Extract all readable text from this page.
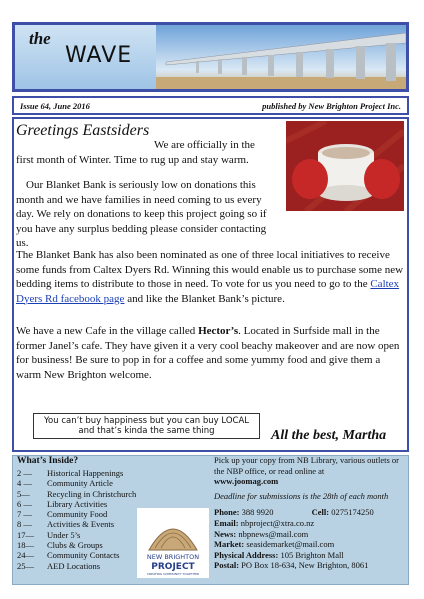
the
WAVE
Issue 64, June 2016	published by New Brighton Project Inc.
Greetings Eastsiders

We are officially in the first month of Winter. Time to rug up and stay warm.

Our Blanket Bank is seriously low on donations this month and we have families in need coming to us every day. We rely on donations to keep this project going so if you have any surplus bedding please consider contacting us.

The Blanket Bank has also been nominated as one of three local initiatives to receive some funds from Caltex Dyers Rd. Winning this would enable us to purchase some new bedding items to distribute to those in need. To vote for us you need to go to the Caltex Dyers Rd facebook page and like the Blanket Bank’s picture.

We have a new Cafe in the village called Hector’s. Located in Surfside mall in the former Janel’s cafe. They have given it a very cool beachy makeover and are now open for business! Be sure to pop in for a coffee and some yummy food and give them a warm New Brighton welcome.

You can’t buy happiness but you can buy LOCAL
and that’s kinda the same thing	All the best, Martha
What’s Inside?
2 — Historical Happenings
4 — Community Article
5— Recycling in Christchurch
6 — Library Activities
7 — Community Food
8 — Activities & Events
17—Under 5’s
18—Clubs & Groups
24—Community Contacts
25—AED Locations
NEW BRIGHTON
PROJECT
CREATING COMMUNITY TOGETHER

Pick up your copy from NB Library, various outlets or the NBP office, or read online at

www.joomag.com

Deadline for submissions is the 28th of each month

Phone: 388 9920	Cell: 0275174250

Email: nbproject@xtra.co.nz

News: nbpnews@mail.com

Market: seasidemarket@mail.com

Physical Address: 105 Brighton Mall

Postal: PO Box 18-634, New Brighton, 8061
